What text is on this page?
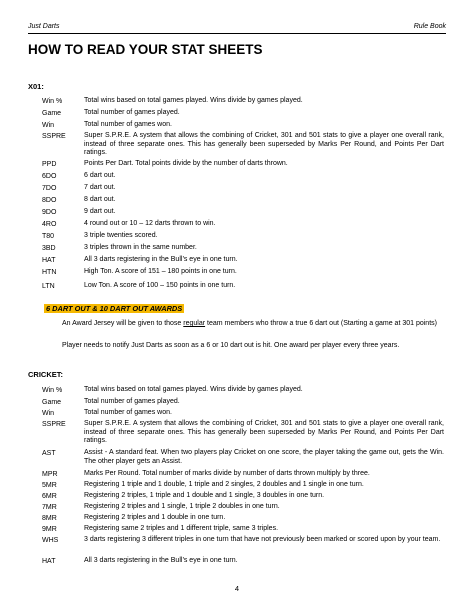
Just Darts	Rule Book
HOW TO READ YOUR STAT SHEETS
X01:
Win %	Total wins based on total games played. Wins divide by games played.
Game	Total number of games played.
Win	Total number of games won.
SSPRE	Super S.P.R.E. A system that allows the combining of Cricket, 301 and 501 stats to give a player one overall rank, instead of three separate ones. This has generally been superseded by Marks Per Round, and Points Per Dart ratings.
PPD	Points Per Dart. Total points divide by the number of darts thrown.
6DO	6 dart out.
7DO	7 dart out.
8DO	8 dart out.
9DO	9 dart out.
4RO	4 round out or 10 – 12 darts thrown to win.
T80	3 triple twenties scored.
3BD	3 triples thrown in the same number.
HAT	All 3 darts registering in the Bull’s eye in one turn.
HTN	High Ton. A score of 151 – 180 points in one turn.
LTN	Low Ton. A score of 100 – 150 points in one turn.
6 DART OUT & 10 DART OUT AWARDS
An Award Jersey will be given to those regular team members who throw a true 6 dart out (Starting a game at 301 points)
Player needs to notify Just Darts as soon as a 6 or 10 dart out is hit. One award per player every three years.
CRICKET:
Win %	Total wins based on total games played. Wins divide by games played.
Game	Total number of games played.
Win	Total number of games won.
SSPRE	Super S.P.R.E. A system that allows the combining of Cricket, 301 and 501 stats to give a player one overall rank, instead of three separate ones. This has generally been superseded by Marks Per Round, and Points Per Dart ratings.
AST	Assist - A standard feat. When two players play Cricket on one score, the player taking the game out, gets the Win. The other player gets an Assist.
MPR	Marks Per Round. Total number of marks divide by number of darts thrown multiply by three.
5MR	Registering 1 triple and 1 double, 1 triple and 2 singles, 2 doubles and 1 single in one turn.
6MR	Registering 2 triples, 1 triple and 1 double and 1 single, 3 doubles in one turn.
7MR	Registering 2 triples and 1 single, 1 triple 2 doubles in one turn.
8MR	Registering 2 triples and 1 double in one turn.
9MR	Registering same 2 triples and 1 different triple, same 3 triples.
WHS	3 darts registering 3 different triples in one turn that have not previously been marked or scored upon by your team.
HAT	All 3 darts registering in the Bull’s eye in one turn.
4
